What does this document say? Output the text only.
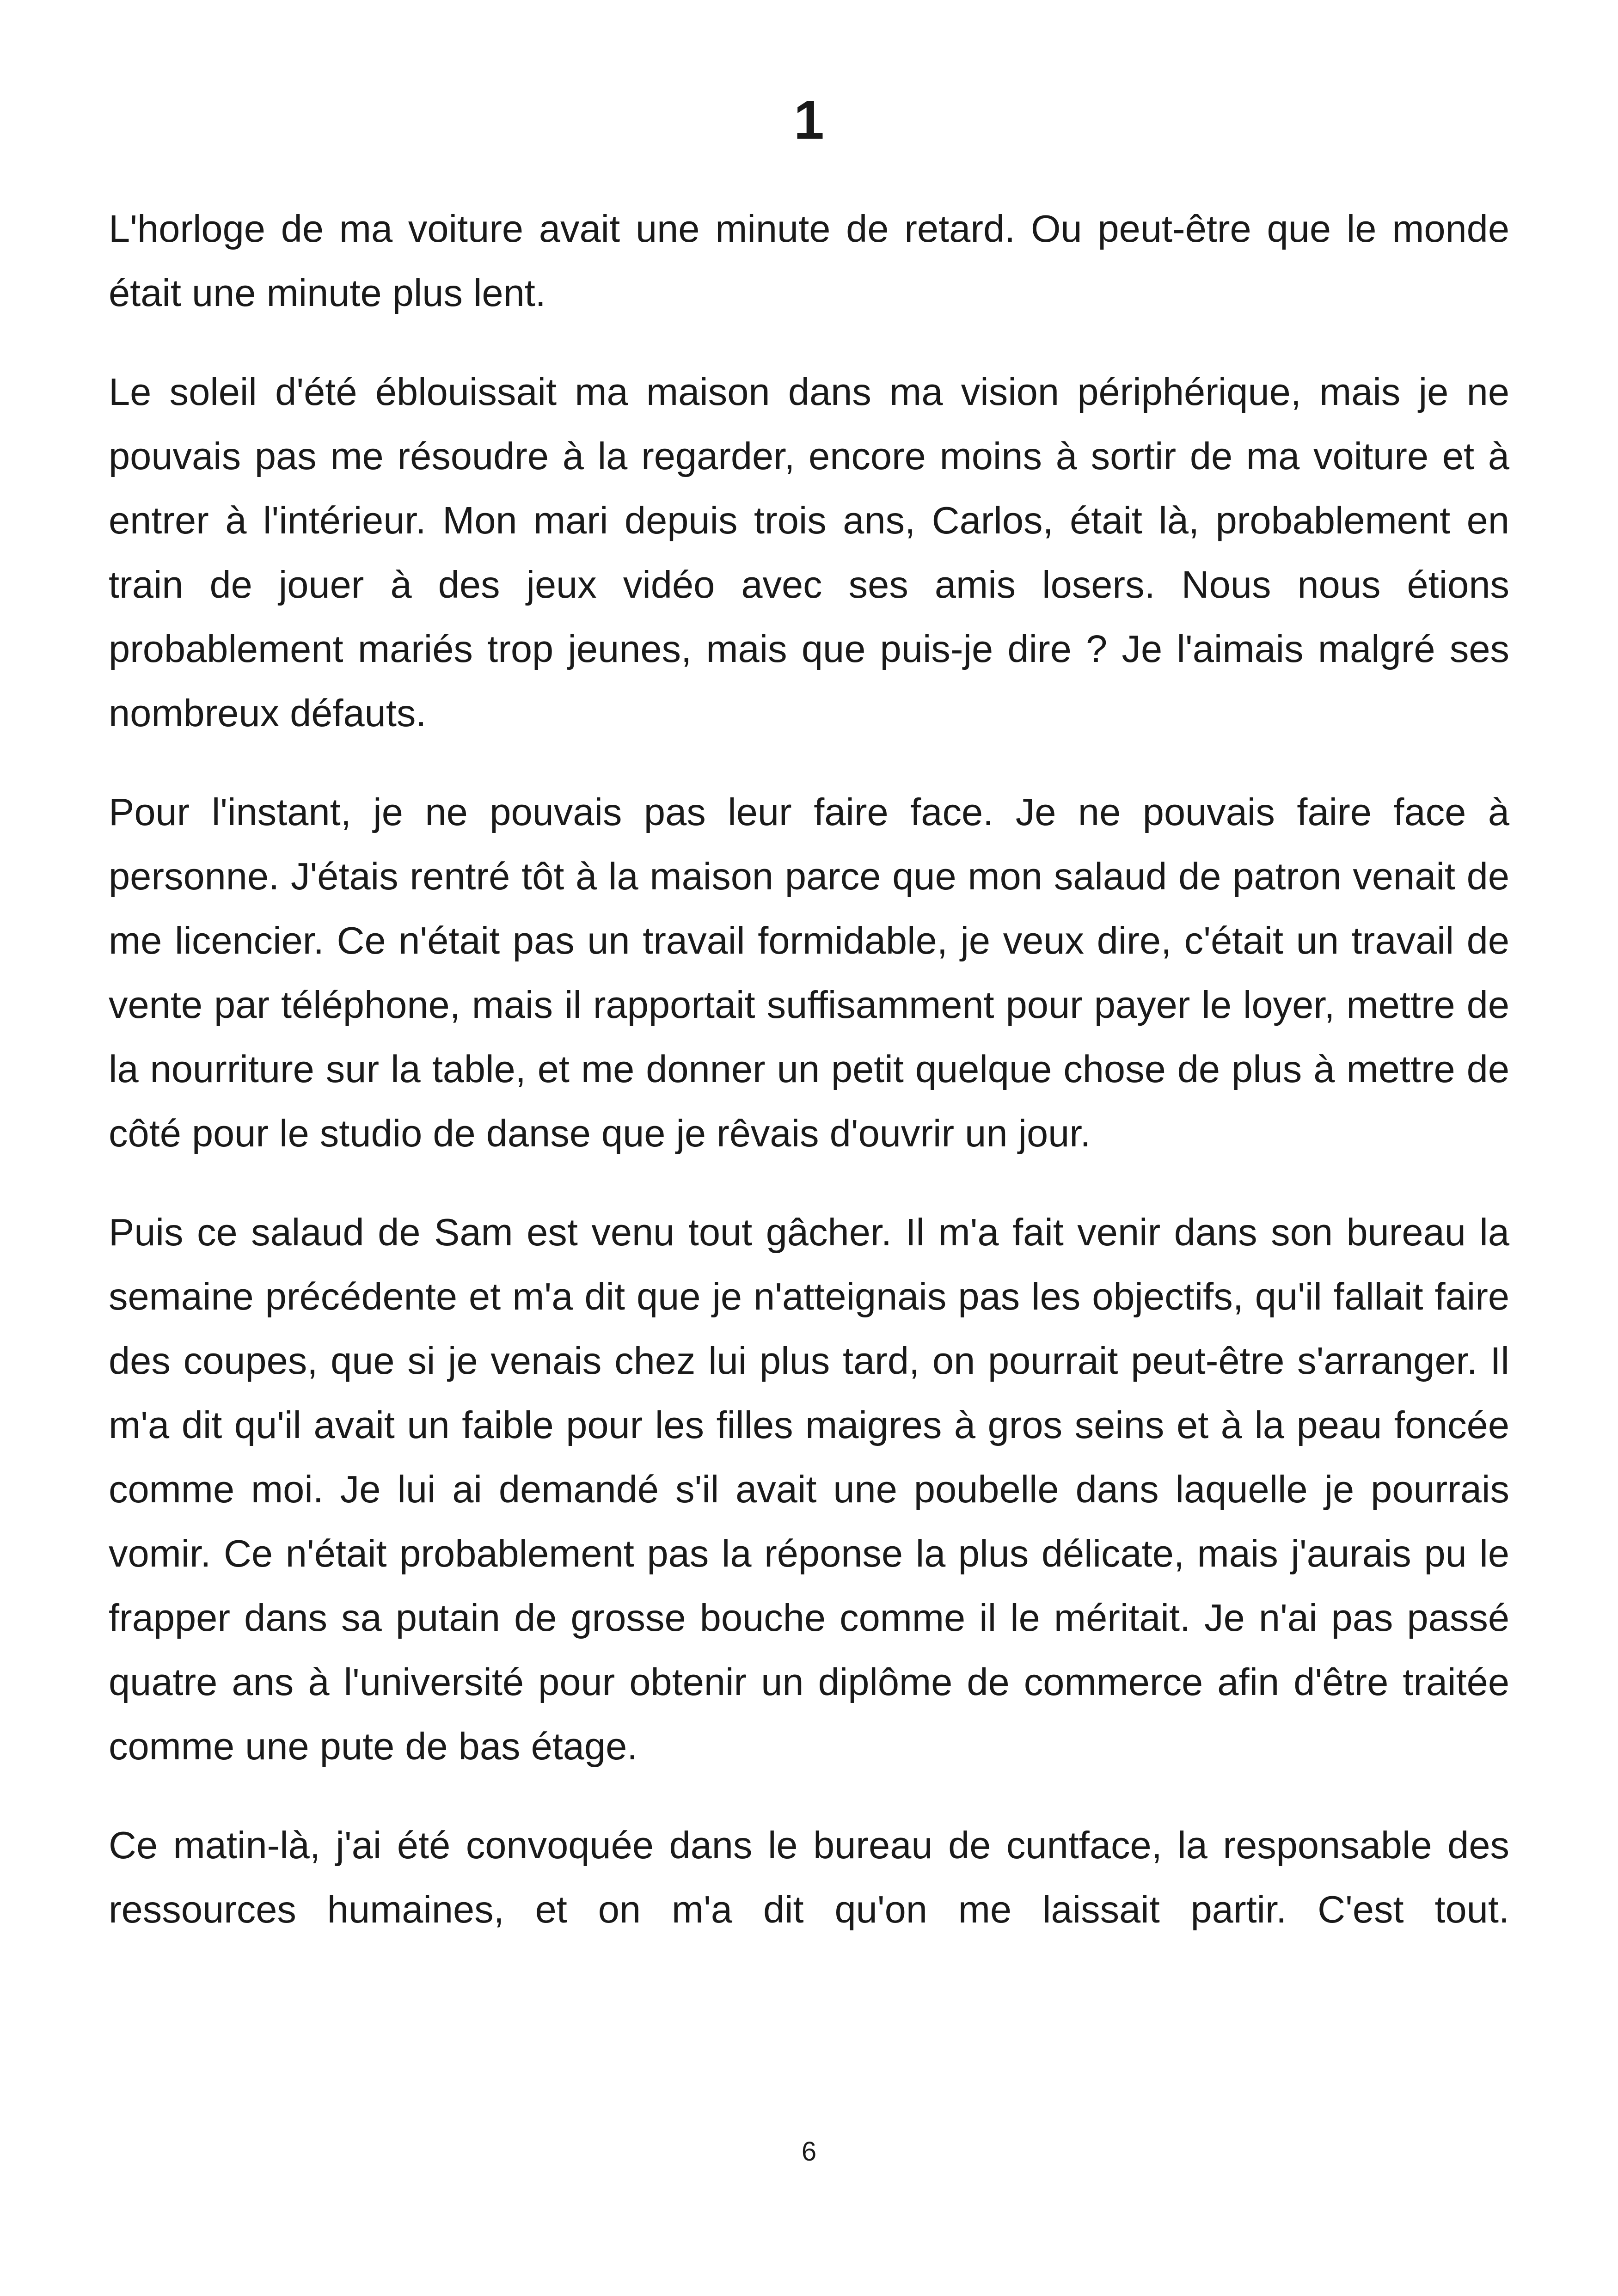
1

L'horloge de ma voiture avait une minute de retard. Ou peut-être que le monde était une minute plus lent.

Le soleil d'été éblouissait ma maison dans ma vision périphérique, mais je ne pouvais pas me résoudre à la regarder, encore moins à sortir de ma voiture et à entrer à l'intérieur. Mon mari depuis trois ans, Carlos, était là, probablement en train de jouer à des jeux vidéo avec ses amis losers. Nous nous étions probablement mariés trop jeunes, mais que puis-je dire ? Je l'aimais malgré ses nombreux défauts.

Pour l'instant, je ne pouvais pas leur faire face. Je ne pouvais faire face à personne. J'étais rentré tôt à la maison parce que mon salaud de patron venait de me licencier. Ce n'était pas un travail formidable, je veux dire, c'était un travail de vente par téléphone, mais il rapportait suffisamment pour payer le loyer, mettre de la nourriture sur la table, et me donner un petit quelque chose de plus à mettre de côté pour le studio de danse que je rêvais d'ouvrir un jour.

Puis ce salaud de Sam est venu tout gâcher. Il m'a fait venir dans son bureau la semaine précédente et m'a dit que je n'atteignais pas les objectifs, qu'il fallait faire des coupes, que si je venais chez lui plus tard, on pourrait peut-être s'arranger. Il m'a dit qu'il avait un faible pour les filles maigres à gros seins et à la peau foncée comme moi. Je lui ai demandé s'il avait une poubelle dans laquelle je pourrais vomir. Ce n'était probablement pas la réponse la plus délicate, mais j'aurais pu le frapper dans sa putain de grosse bouche comme il le méritait. Je n'ai pas passé quatre ans à l'université pour obtenir un diplôme de commerce afin d'être traitée comme une pute de bas étage.

Ce matin-là, j'ai été convoquée dans le bureau de cuntface, la responsable des ressources humaines, et on m'a dit qu'on me laissait partir. C'est tout.

6
